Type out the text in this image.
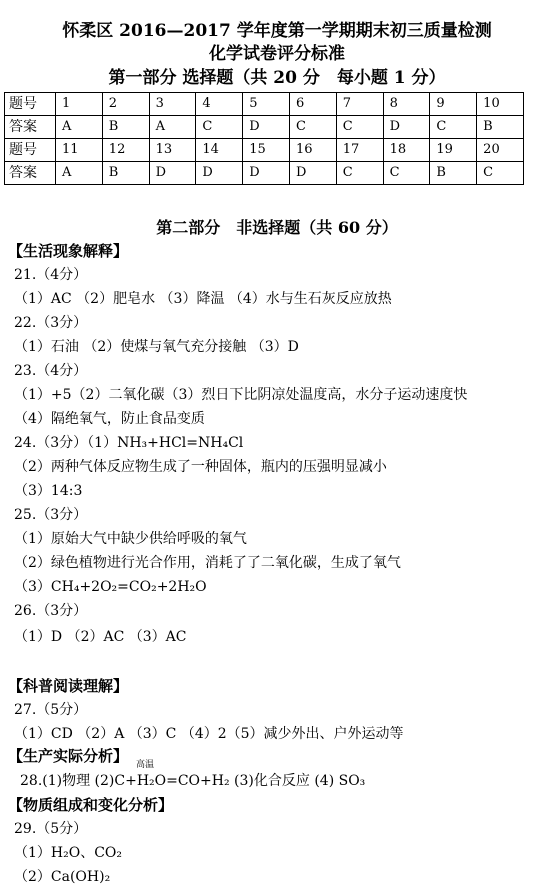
怀柔区 2016—2017 学年度第一学期期末初三质量检测
化学试卷评分标准
第一部分 选择题（共 20 分　每小题 1 分）
题号	1	2	3	4	5	6	7	8	9	10
答案	A	B	A	C	D	C	C	D	C	B
题号	11	12	13	14	15	16	17	18	19	20
答案	A	B	D	D	D	D	C	C	B	C
第二部分　非选择题（共 60 分）
【生活现象解释】
21.（4分）
（1）AC （2）肥皂水 （3）降温 （4）水与生石灰反应放热
22.（3分）
（1）石油 （2）使煤与氧气充分接触 （3）D
23.（4分）
（1）+5（2）二氧化碳（3）烈日下比阴凉处温度高，水分子运动速度快
（4）隔绝氧气，防止食品变质
24.（3分）（1）NH₃+HCl=NH₄Cl
（2）两种气体反应物生成了一种固体，瓶内的压强明显减小
（3）14:3
25.（3分）
（1）原始大气中缺少供给呼吸的氧气
（2）绿色植物进行光合作用，消耗了了二氧化碳，生成了氧气
（3）CH₄+2O₂=CO₂+2H₂O
26.（3分）
（1）D （2）AC （3）AC
【科普阅读理解】
27.（5分）
（1）CD （2）A （3）C （4）2（5）减少外出、户外运动等
【生产实际分析】 高温
28.(1)物理 (2)C+H₂O=CO+H₂ (3)化合反应 (4) SO₃
【物质组成和变化分析】
29.（5分）
（1）H₂O、CO₂
（2）Ca(OH)₂
